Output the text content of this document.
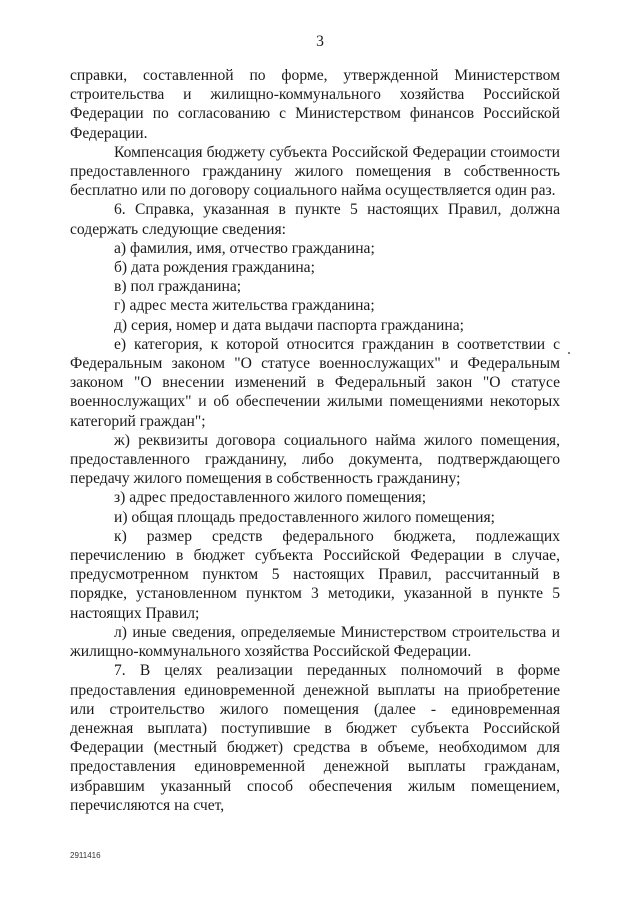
3

справки, составленной по форме, утвержденной Министерством строительства и жилищно-коммунального хозяйства Российской Федерации по согласованию с Министерством финансов Российской Федерации.

Компенсация бюджету субъекта Российской Федерации стоимости предоставленного гражданину жилого помещения в собственность бесплатно или по договору социального найма осуществляется один раз.

6. Справка, указанная в пункте 5 настоящих Правил, должна содержать следующие сведения:

а) фамилия, имя, отчество гражданина;

б) дата рождения гражданина;

в) пол гражданина;

г) адрес места жительства гражданина;

д) серия, номер и дата выдачи паспорта гражданина;

е) категория, к которой относится гражданин в соответствии с Федеральным законом "О статусе военнослужащих" и Федеральным законом "О внесении изменений в Федеральный закон "О статусе военнослужащих" и об обеспечении жилыми помещениями некоторых категорий граждан";

ж) реквизиты договора социального найма жилого помещения, предоставленного гражданину, либо документа, подтверждающего передачу жилого помещения в собственность гражданину;

з) адрес предоставленного жилого помещения;

и) общая площадь предоставленного жилого помещения;

к) размер средств федерального бюджета, подлежащих перечислению в бюджет субъекта Российской Федерации в случае, предусмотренном пунктом 5 настоящих Правил, рассчитанный в порядке, установленном пунктом 3 методики, указанной в пункте 5 настоящих Правил;

л) иные сведения, определяемые Министерством строительства и жилищно-коммунального хозяйства Российской Федерации.

7. В целях реализации переданных полномочий в форме предоставления единовременной денежной выплаты на приобретение или строительство жилого помещения (далее - единовременная денежная выплата) поступившие в бюджет субъекта Российской Федерации (местный бюджет) средства в объеме, необходимом для предоставления единовременной денежной выплаты гражданам, избравшим указанный способ обеспечения жилым помещением, перечисляются на счет,

2911416
